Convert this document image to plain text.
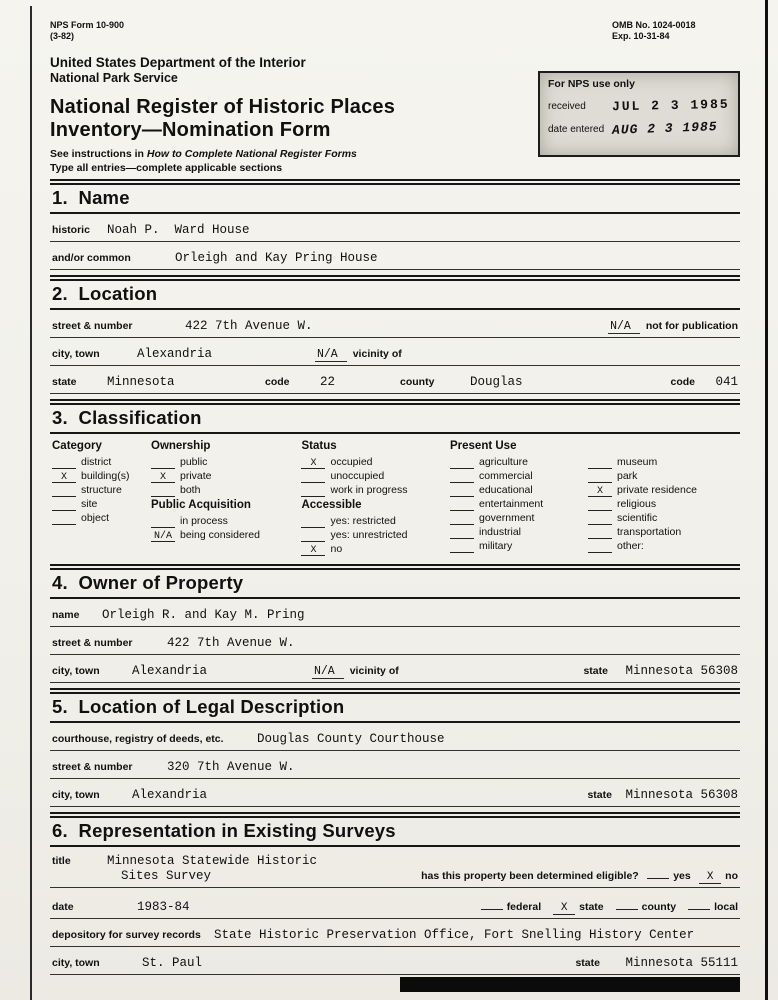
NPS Form 10-900
(3-82)
OMB No. 1024-0018
Exp. 10-31-84
United States Department of the Interior
National Park Service
National Register of Historic Places
Inventory—Nomination Form
See instructions in How to Complete National Register Forms
Type all entries—complete applicable sections
For NPS use only
received	JUL 2 3 1985
date entered AUG 2 3 1985
1.  Name
historic	Noah P.  Ward House
and/or common	Orleigh and Kay Pring House
2.  Location
street & number	422 7th Avenue W.	N/A	not for publication
city, town	Alexandria	N/A	vicinity of
state	Minnesota	code	22	county	Douglas	code	041
3.  Classification
Category
district
X	building(s)
structure
site
object
Ownership
public
X	private
both
Public Acquisition
in process
N/A being considered
Status
X	occupied
unoccupied
work in progress
Accessible
yes: restricted
yes: unrestricted
X	no
Present Use
agriculture
commercial
educational
entertainment
government
industrial
military
museum
park
X	private residence
religious
scientific
transportation
other:
4.  Owner of Property
name	Orleigh R. and Kay M. Pring
street & number	422 7th Avenue W.
city, town	Alexandria	N/A	vicinity of	state	Minnesota 56308
5.  Location of Legal Description
courthouse, registry of deeds, etc.	Douglas County Courthouse
street & number	320 7th Avenue W.
city, town	Alexandria	state	Minnesota 56308
6.  Representation in Existing Surveys
title	Minnesota Statewide Historic
Sites Survey	has this property been determined eligible?	yes X no
date	1983-84	federal	X state	county	local
depository for survey records	State Historic Preservation Office, Fort Snelling History Center
city, town	St. Paul	state	Minnesota 55111
